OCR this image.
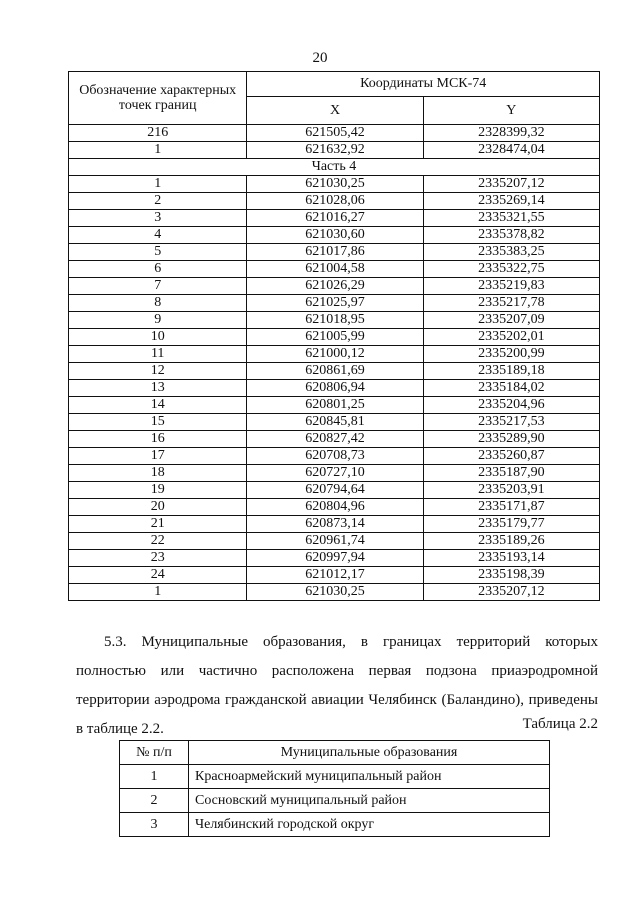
20
Обозначение характерных точек границ	Координаты МСК-74	
	X	Y
216	621505,42	2328399,32
1	621632,92	2328474,04
Часть 4		
1	621030,25	2335207,12
2	621028,06	2335269,14
3	621016,27	2335321,55
4	621030,60	2335378,82
5	621017,86	2335383,25
6	621004,58	2335322,75
7	621026,29	2335219,83
8	621025,97	2335217,78
9	621018,95	2335207,09
10	621005,99	2335202,01
11	621000,12	2335200,99
12	620861,69	2335189,18
13	620806,94	2335184,02
14	620801,25	2335204,96
15	620845,81	2335217,53
16	620827,42	2335289,90
17	620708,73	2335260,87
18	620727,10	2335187,90
19	620794,64	2335203,91
20	620804,96	2335171,87
21	620873,14	2335179,77
22	620961,74	2335189,26
23	620997,94	2335193,14
24	621012,17	2335198,39
1	621030,25	2335207,12

5.3. Муниципальные образования, в границах территорий которых полностью или частично расположена первая подзона приаэродромной территории аэродрома гражданской авиации Челябинск (Баландино), приведены в таблице 2.2.	Таблица 2.2
№ п/п	Муниципальные образования
1	Красноармейский муниципальный район
2	Сосновский муниципальный район
3	Челябинский городской округ
